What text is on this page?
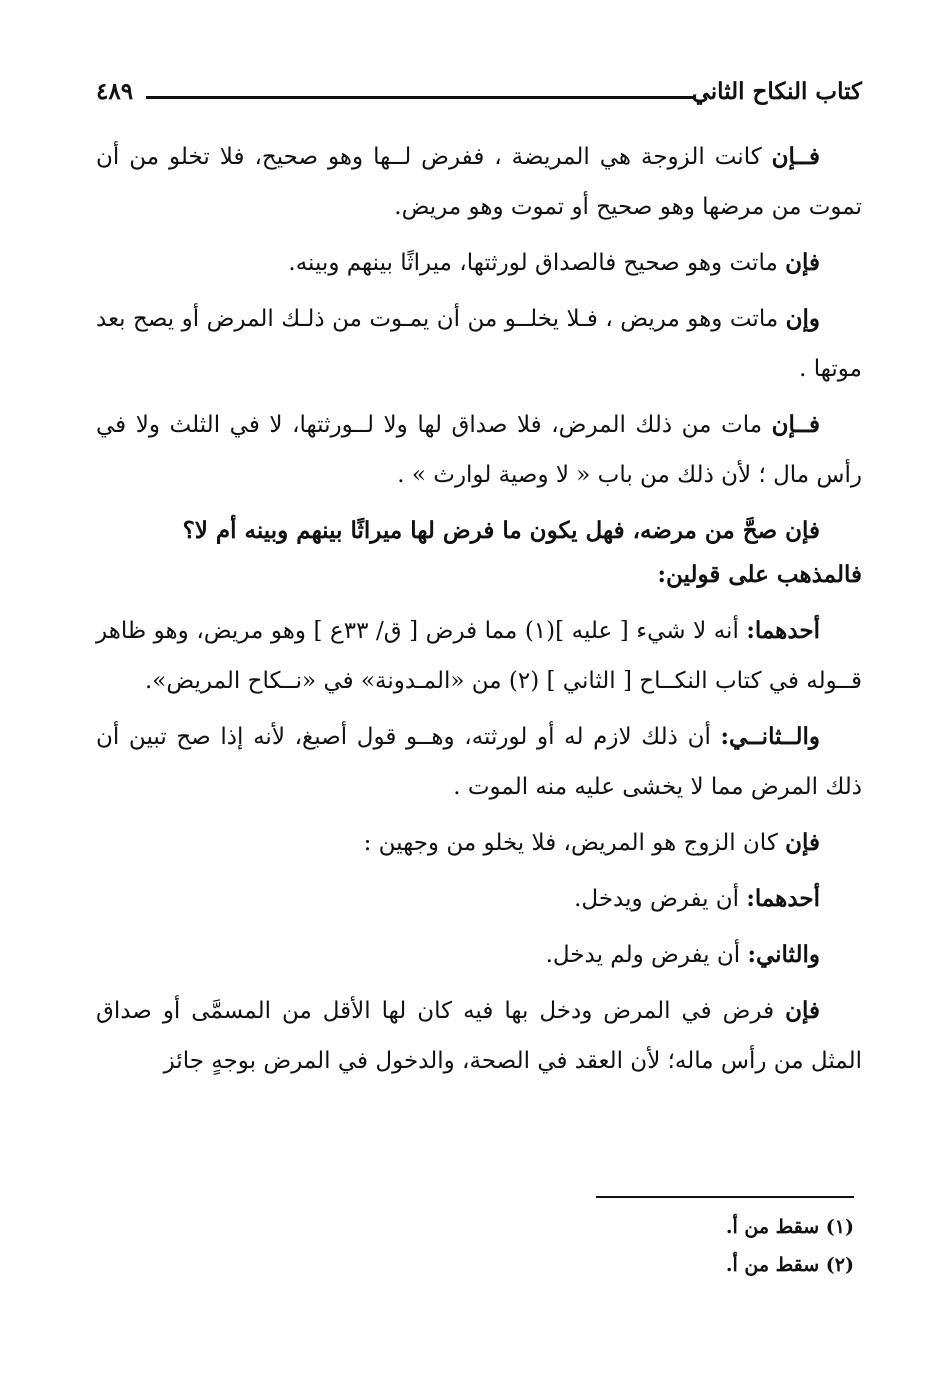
كتاب النكاح الثاني
٤٨٩

فــإن كانت الزوجة هي المريضة ، ففرض لــها وهو صحيح، فلا تخلو من أن تموت من مرضها وهو صحيح أو تموت وهو مريض.

فإن ماتت وهو صحيح فالصداق لورثتها، ميراثًا بينهم وبينه.

وإن ماتت وهو مريض ، فـلا يخلــو من أن يمـوت من ذلـك المرض أو يصح بعد موتها .

فــإن مات من ذلك المرض، فلا صداق لها ولا لــورثتها، لا في الثلث ولا في رأس مال ؛ لأن ذلك من باب « لا وصية لوارث » .

فإن صحَّ من مرضه، فهل يكون ما فرض لها ميراثًا بينهم وبينه أم لا؟

فالمذهب على قولين:

أحدهما: أنه لا شيء [ عليه ](١) مما فرض [ ق/ ٣٣ع ] وهو مريض، وهو ظاهر قــوله في كتاب النكــاح [ الثاني ] (٢) من «المـدونة» في «نــكاح المريض».

والــثانــي: أن ذلك لازم له أو لورثته، وهــو قول أصبغ، لأنه إذا صح تبين أن ذلك المرض مما لا يخشى عليه منه الموت .

فإن كان الزوج هو المريض، فلا يخلو من وجهين :

أحدهما: أن يفرض ويدخل.

والثاني: أن يفرض ولم يدخل.

فإن فرض في المرض ودخل بها فيه كان لها الأقل من المسمَّى أو صداق المثل من رأس ماله؛ لأن العقد في الصحة، والدخول في المرض بوجهٍ جائز

(١) سقط من أ.

(٢) سقط من أ.
